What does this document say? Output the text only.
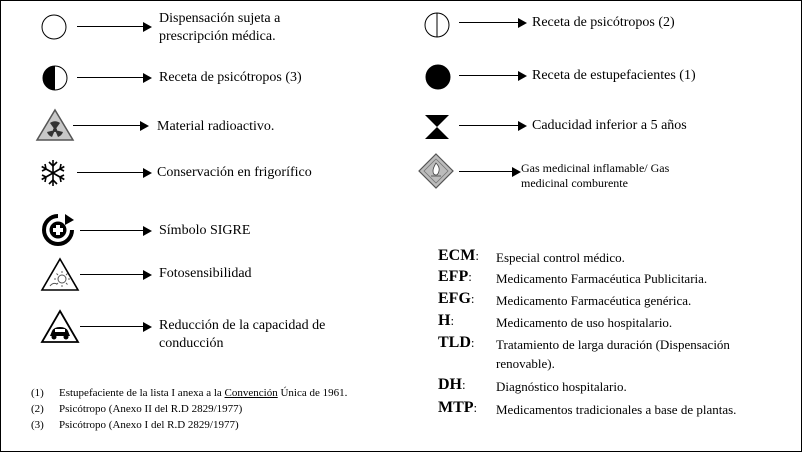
Dispensación sujeta a
prescripción médica.
Receta de psicótropos (3)
Material radioactivo.
Conservación en frigorífico
Símbolo SIGRE
Fotosensibilidad
Reducción de la capacidad de
conducción
Receta de psicótropos (2)
Receta de estupefacientes (1)
Caducidad inferior a 5 años
Gas medicinal inflamable/ Gas
medicinal comburente
ECM: Especial control médico.
EFP: Medicamento Farmacéutica Publicitaria.
EFG: Medicamento Farmacéutica genérica.
H:	Medicamento de uso hospitalario.
TLD: Tratamiento de larga duración (Dispensación
renovable).
DH: Diagnóstico hospitalario.
MTP: Medicamentos tradicionales a base de plantas.
(1) Estupefaciente de la lista I anexa a la Convención Única de 1961.
(2) Psicótropo (Anexo II del R.D 2829/1977)
(3) Psicótropo (Anexo I del R.D 2829/1977)
